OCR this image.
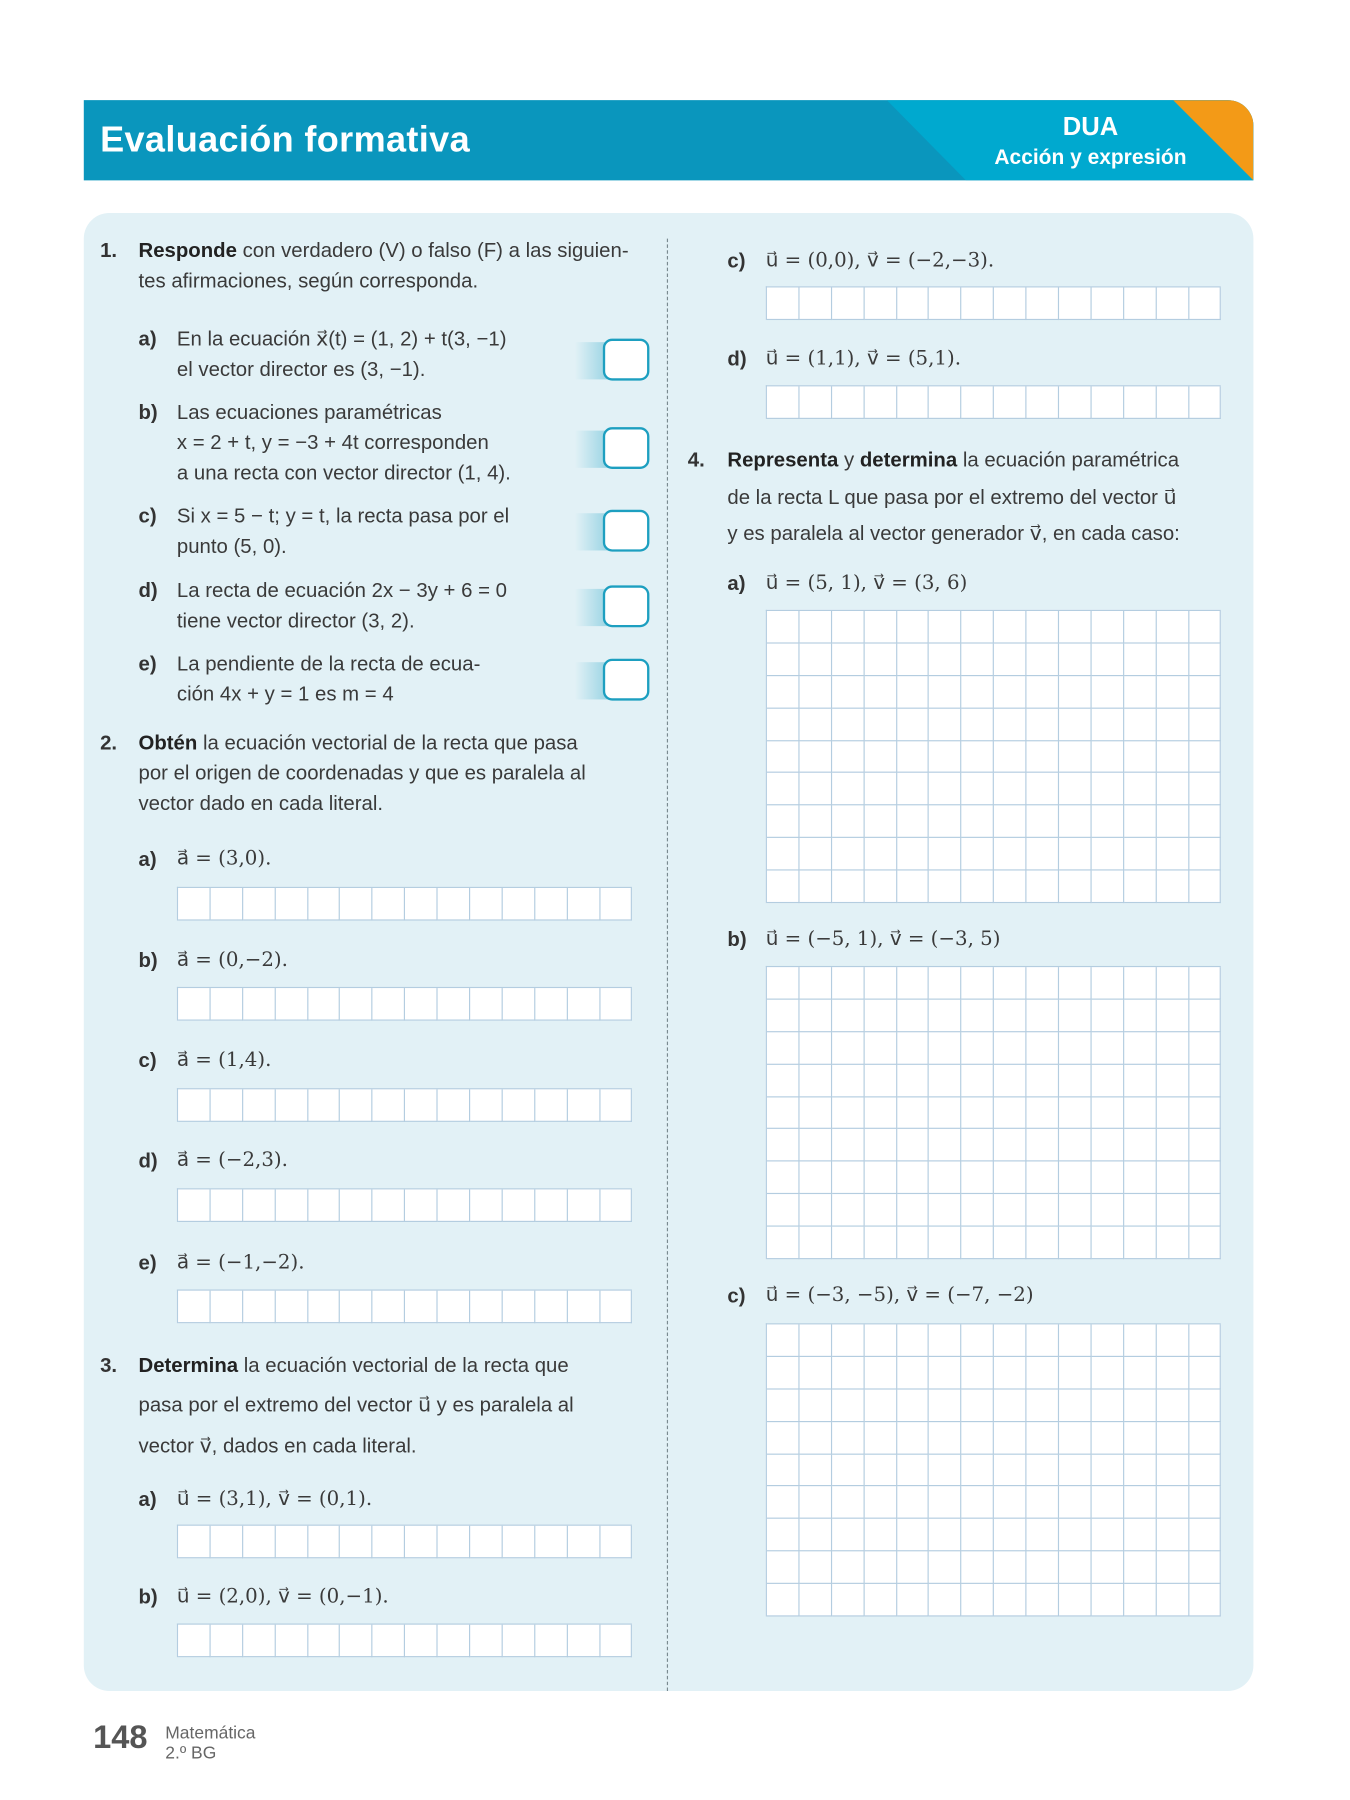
Evaluación formativa	DUA
Acción y expresión
1. Responde con verdadero (V) o falso (F) a las siguien-
tes afirmaciones, según corresponda.
2. Obtén la ecuación vectorial de la recta que pasa
por el origen de coordenadas y que es paralela al
vector dado en cada literal.
3. Determina la ecuación vectorial de la recta que
pasa por el extremo del vector u⃗ y es paralela al
vector v⃗, dados en cada literal.
4. Representa y determina la ecuación paramétrica
de la recta L que pasa por el extremo del vector u⃗
y es paralela al vector generador v⃗, en cada caso:
a) En la ecuación x⃗(t) = (1, 2) + t(3, −1)
el vector director es (3, −1).
b) Las ecuaciones paramétricas
x = 2 + t, y = −3 + 4t corresponden
a una recta con vector director (1, 4).
c) Si x = 5 − t; y = t, la recta pasa por el
punto (5, 0).
d) La recta de ecuación 2x − 3y + 6 = 0
tiene vector director (3, 2).
e) La pendiente de la recta de ecua-
ción 4x + y = 1 es m = 4
a) a⃗ = (3,0).
b) a⃗ = (0,−2).
c) a⃗ = (1,4).
d) a⃗ = (−2,3).
e) a⃗ = (−1,−2).
a) u⃗ = (3,1), v⃗ = (0,1).
b) u⃗ = (2,0), v⃗ = (0,−1).
c) u⃗ = (0,0), v⃗ = (−2,−3).
d) u⃗ = (1,1), v⃗ = (5,1).
a) u⃗ = (5, 1), v⃗ = (3, 6)
b) u⃗ = (−5, 1), v⃗ = (−3, 5)
c) u⃗ = (−3, −5), v⃗ = (−7, −2)
148 Matemática
2.º BG
